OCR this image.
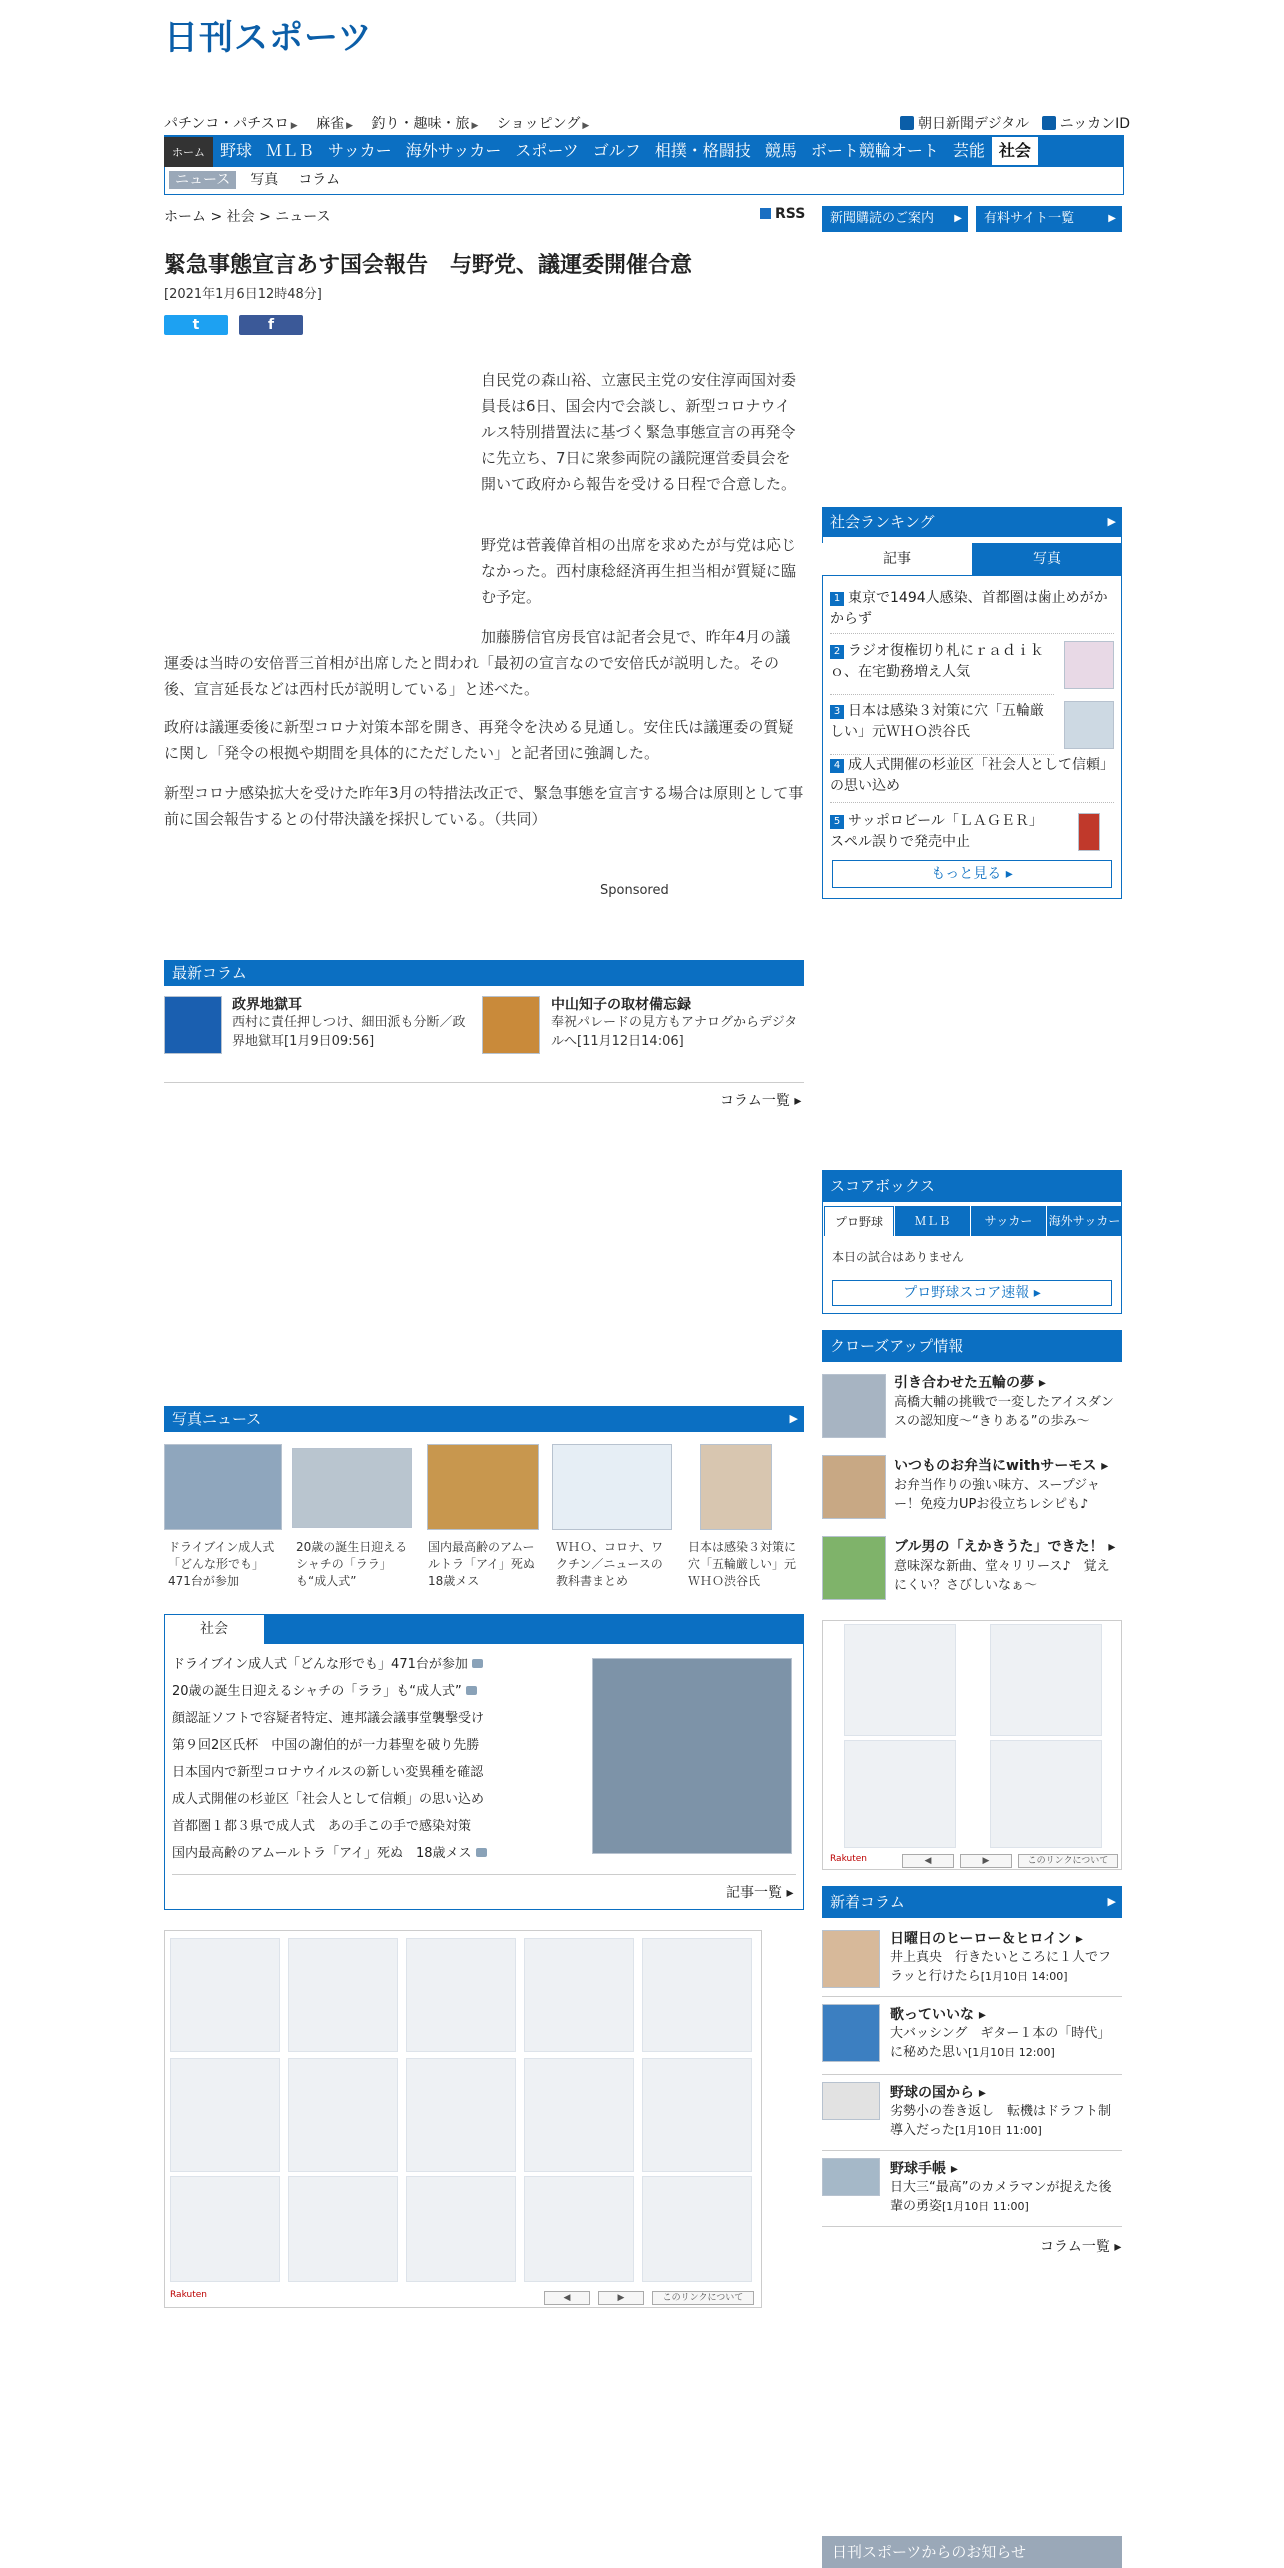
日刊スポーツ
パチンコ・パチスロ ▶ 麻雀 ▶ 釣り・趣味・旅 ▶ ショッピング ▶	朝日新聞デジタル ニッカンID
ホーム 野球 ＭＬＢ サッカー 海外サッカー スポーツ ゴルフ 相撲・格闘技 競馬 ボート競輪オート 芸能 社会
ニュース 写真 コラム
ホーム > 社会 > ニュース	RSS	新聞購読のご案内 ▶	有料サイト一覧	▶
緊急事態宣言あす国会報告　与野党、議運委開催合意
[2021年1月6日12時48分]
t	f
自民党の森山裕、立憲民主党の安住淳両国対委員長は6日、国会内で会談し、新型コロナウイルス特別措置法に基づく緊急事態宣言の再発令に先立ち、7日に衆参両院の議院運営委員会を開いて政府から報告を受ける日程で合意した。
野党は菅義偉首相の出席を求めたが与党は応じなかった。西村康稔経済再生担当相が質疑に臨む予定。
加藤勝信官房長官は記者会見で、昨年4月の議運委は当時の安倍晋三首相が出席したと問われ「最初の宣言なので安倍氏が説明した。その後、宣言延長などは西村氏が説明している」と述べた。
政府は議運委後に新型コロナ対策本部を開き、再発令を決める見通し。安住氏は議運委の質疑に関し「発令の根拠や期間を具体的にただしたい」と記者団に強調した。
新型コロナ感染拡大を受けた昨年3月の特措法改正で、緊急事態を宣言する場合は原則として事前に国会報告するとの付帯決議を採択している。（共同）
Sponsored
最新コラム
政界地獄耳
西村に責任押しつけ、細田派も分断／政界地獄耳[1月9日09:56]
中山知子の取材備忘録
奉祝パレードの見方もアナログからデジタルへ[11月12日14:06]
コラム一覧 ▸
写真ニュース	▶
ドライブイン成人式「どんな形でも」471台が参加
20歳の誕生日迎えるシャチの「ララ」も“成人式”
国内最高齢のアムールトラ「アイ」死ぬ　18歳メス
ＷＨＯ、コロナ、ワクチン／ニュースの教科書まとめ
日本は感染３対策に穴「五輪厳しい」元ＷＨＯ渋谷氏
社会
ドライブイン成人式「どんな形でも」471台が参加
20歳の誕生日迎えるシャチの「ララ」も“成人式”
顔認証ソフトで容疑者特定、連邦議会議事堂襲撃受け
第９回2区氏杯　中国の謝伯的が一力碁聖を破り先勝
日本国内で新型コロナウイルスの新しい変異種を確認
成人式開催の杉並区「社会人として信頼」の思い込め
首都圏１都３県で成人式　あの手この手で感染対策
国内最高齢のアムールトラ「アイ」死ぬ　18歳メス
記事一覧 ▸
Rakuten	◀	▶	このリンクについて
社会ランキング	▶
記事	写真
1 東京で1494人感染、首都圏は歯止めがかからず
2 ラジオ復権切り札にｒａｄｉｋｏ、在宅勤務増え人気
3 日本は感染３対策に穴「五輪厳しい」元ＷＨＯ渋谷氏
4 成人式開催の杉並区「社会人として信頼」の思い込め
5 サッポロビール「ＬＡＧＥＲ」スペル誤りで発売中止
もっと見る ▸
スコアボックス
プロ野球	ＭＬＢ	サッカー	海外サッカー
本日の試合はありません
プロ野球スコア速報 ▸
クローズアップ情報
引き合わせた五輪の夢 ▸
高橋大輔の挑戦で一変したアイスダンスの認知度～“きりある”の歩み～
いつものお弁当にwithサーモス ▸
お弁当作りの強い味方、スープジャー！免疫力UPお役立ちレシピも♪
ブル男の「えかきうた」できた！ ▸
意味深な新曲、堂々リリース♪　覚えにくい？さびしいなぁ～
Rakuten	◀	▶	このリンクについて
新着コラム	▶
日曜日のヒーロー＆ヒロイン ▸
井上真央　行きたいところに１人でフラッと行けたら[1月10日 14:00]
歌っていいな ▸
大バッシング　ギター１本の「時代」に秘めた思い[1月10日 12:00]
野球の国から ▸
劣勢小の巻き返し　転機はドラフト制導入だった[1月10日 11:00]
野球手帳 ▸
日大三“最高”のカメラマンが捉えた後輩の勇姿[1月10日 11:00]
コラム一覧 ▸
日刊スポーツからのお知らせ
